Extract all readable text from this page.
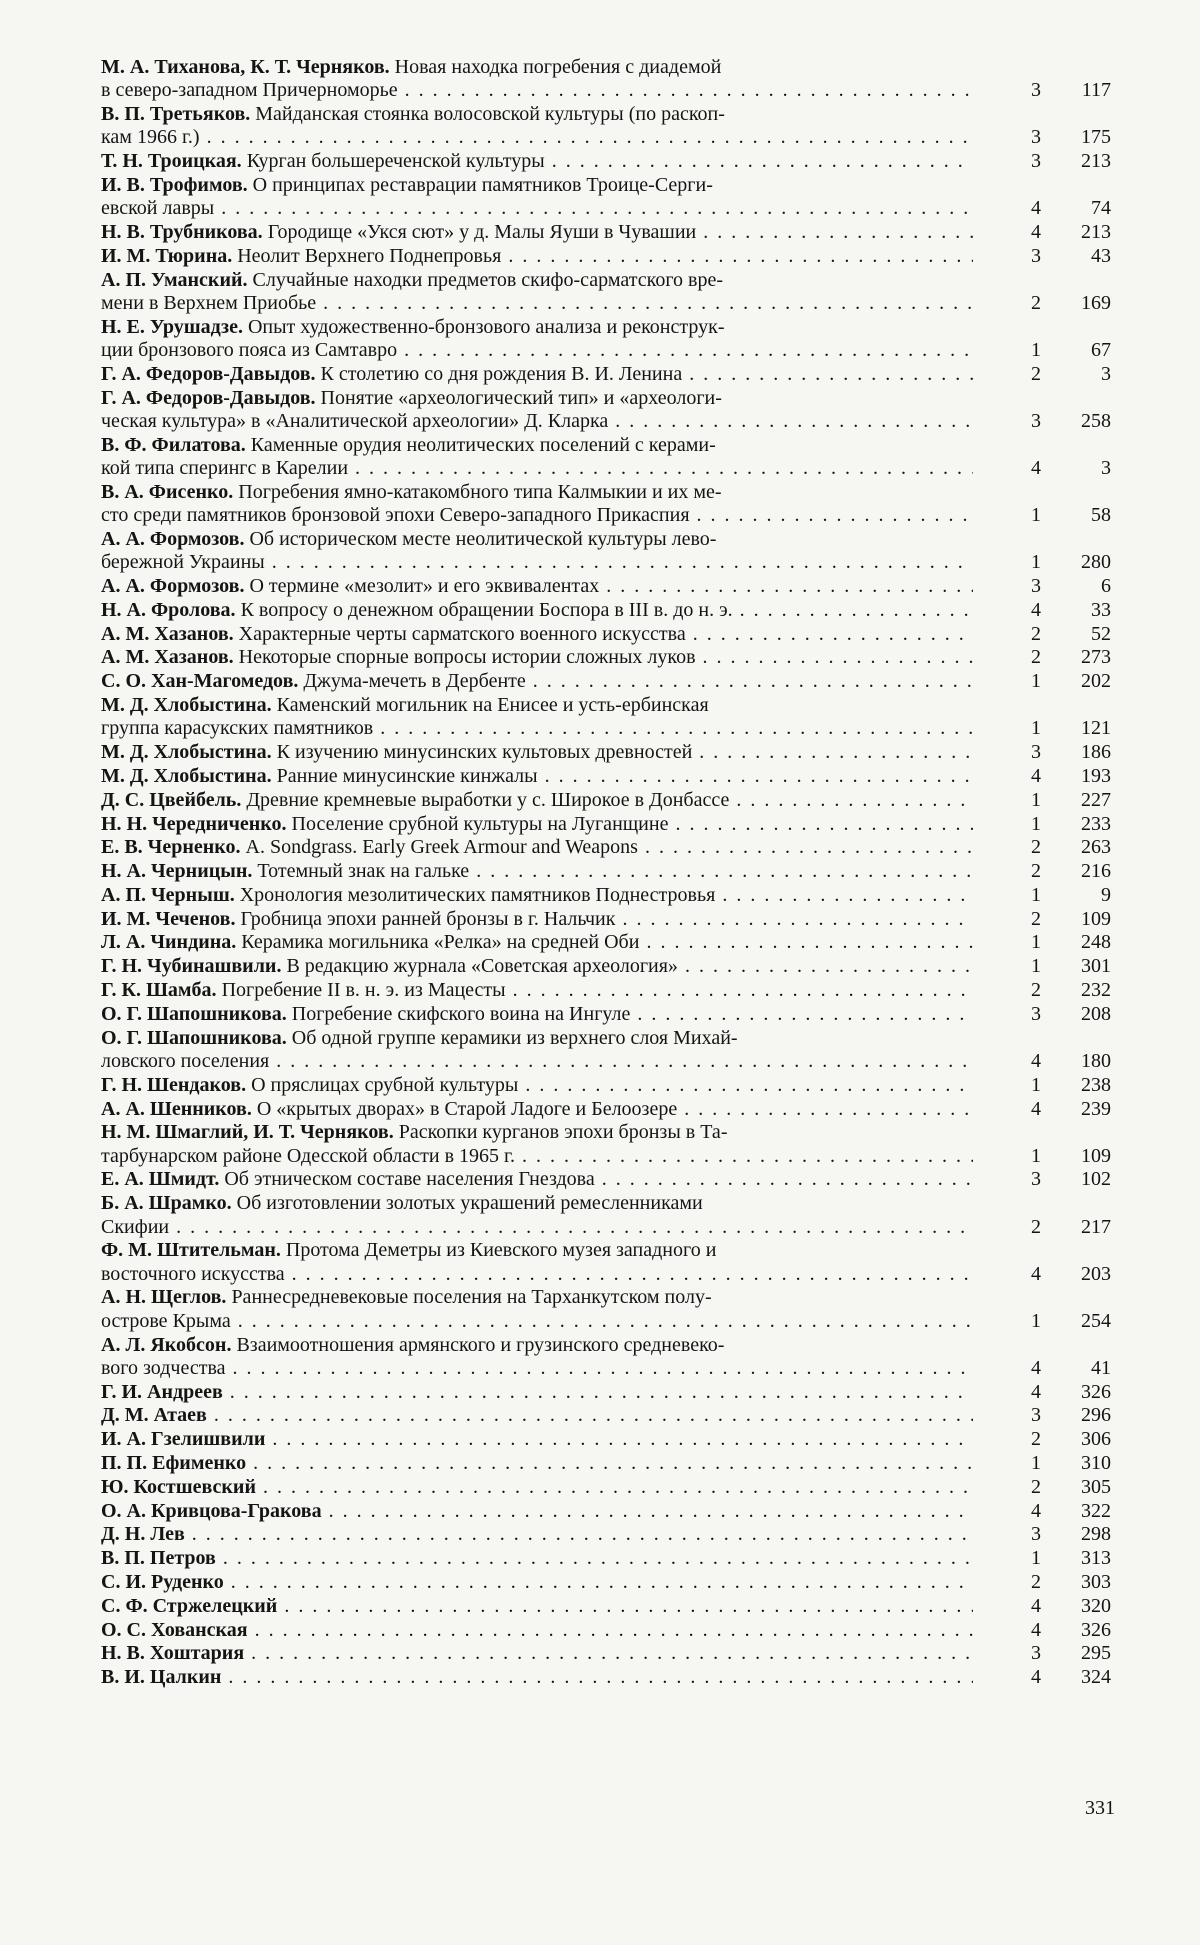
М. А. Тиханова, К. Т. Черняков. Новая находка погребения с диадемой
в северо-западном Причерноморье . . .	3	117
В. П. Третьяков. Майданская стоянка волосовской культуры (по раскоп-
кам 1966 г.) . . .	3	175
Т. Н. Троицкая. Курган большереченской культуры . . .	3	213
И. В. Трофимов. О принципах реставрации памятников Троице-Серги-
евской лавры . . .	4	74
Н. В. Трубникова. Городище «Укся сют» у д. Малы Яуши в Чувашии . . .	4	213
И. М. Тюрина. Неолит Верхнего Поднепровья . . .	3	43
А. П. Уманский. Случайные находки предметов скифо-сарматского вре-
мени в Верхнем Приобье . . .	2	169
Н. Е. Урушадзе. Опыт художественно-бронзового анализа и реконструк-
ции бронзового пояса из Самтавро . . .	1	67
Г. А. Федоров-Давыдов. К столетию со дня рождения В. И. Ленина . . .	2	3
Г. А. Федоров-Давыдов. Понятие «археологический тип» и «археологи-
ческая культура» в «Аналитической археологии» Д. Кларка . . .	3	258
В. Ф. Филатова. Каменные орудия неолитических поселений с керами-
кой типа сперингс в Карелии . . .	4	3
В. А. Фисенко. Погребения ямно-катакомбного типа Калмыкии и их ме-
сто среди памятников бронзовой эпохи Северо-западного Прикаспия . . .	1	58
А. А. Формозов. Об историческом месте неолитической культуры лево-
бережной Украины . . .	1	280
А. А. Формозов. О термине «мезолит» и его эквивалентах . . .	3	6
Н. А. Фролова. К вопросу о денежном обращении Боспора в III в. до н. э. . . .	4	33
А. М. Хазанов. Характерные черты сарматского военного искусства . . .	2	52
А. М. Хазанов. Некоторые спорные вопросы истории сложных луков . . .	2	273
С. О. Хан-Магомедов. Джума-мечеть в Дербенте . . .	1	202
М. Д. Хлобыстина. Каменский могильник на Енисее и усть-ербинская
группа карасукских памятников . . .	1	121
М. Д. Хлобыстина. К изучению минусинских культовых древностей . . .	3	186
М. Д. Хлобыстина. Ранние минусинские кинжалы . . .	4	193
Д. С. Цвейбель. Древние кремневые выработки у с. Широкое в Донбассе . . .	1	227
Н. Н. Чередниченко. Поселение срубной культуры на Луганщине . . .	1	233
Е. В. Черненко. A. Sondgrass. Early Greek Armour and Weapons . . .	2	263
Н. А. Черницын. Тотемный знак на гальке . . .	2	216
А. П. Черныш. Хронология мезолитических памятников Поднестровья . . .	1	9
И. М. Чеченов. Гробница эпохи ранней бронзы в г. Нальчик . . .	2	109
Л. А. Чиндина. Керамика могильника «Релка» на средней Оби . . .	1	248
Г. Н. Чубинашвили. В редакцию журнала «Советская археология» . . .	1	301
Г. К. Шамба. Погребение II в. н. э. из Мацесты . . .	2	232
О. Г. Шапошникова. Погребение скифского воина на Ингуле . . .	3	208
О. Г. Шапошникова. Об одной группе керамики из верхнего слоя Михай-
ловского поселения . . .	4	180
Г. Н. Шендаков. О пряслицах срубной культуры . . .	1	238
А. А. Шенников. О «крытых дворах» в Старой Ладоге и Белоозере . . .	4	239
Н. М. Шмаглий, И. Т. Черняков. Раскопки курганов эпохи бронзы в Та-
тарбунарском районе Одесской области в 1965 г. . . .	1	109
Е. А. Шмидт. Об этническом составе населения Гнездова . . .	3	102
Б. А. Шрамко. Об изготовлении золотых украшений ремесленниками
Скифии . . .	2	217
Ф. М. Штительман. Протома Деметры из Киевского музея западного и
восточного искусства . . .	4	203
А. Н. Щеглов. Раннесредневековые поселения на Тарханкутском полу-
острове Крыма . . .	1	254
А. Л. Якобсон. Взаимоотношения армянского и грузинского средневеко-
вого зодчества . . .	4	41
Г. И. Андреев . . .	4	326
Д. М. Атаев . . .	3	296
И. А. Гзелишвили . . .	2	306
П. П. Ефименко . . .	1	310
Ю. Костшевский . . .	2	305
О. А. Кривцова-Гракова . . .	4	322
Д. Н. Лев . . .	3	298
В. П. Петров . . .	1	313
С. И. Руденко . . .	2	303
С. Ф. Стржелецкий . . .	4	320
О. С. Хованская . . .	4	326
Н. В. Хоштария . . .	3	295
В. И. Цалкин . . .	4	324
331
